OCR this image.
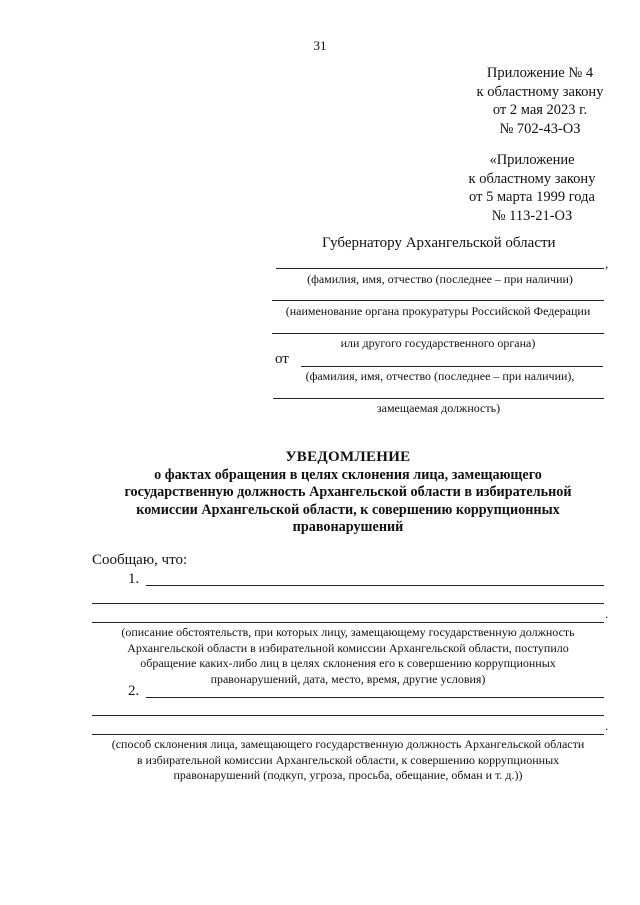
31
Приложение № 4
к областному закону
от 2 мая 2023 г.
№ 702-43-ОЗ
«Приложение
к областному закону
от 5 марта 1999 года
№ 113-21-ОЗ
Губернатору Архангельской области
,
(фамилия, имя, отчество (последнее – при наличии)
(наименование органа прокуратуры Российской Федерации
или другого государственного органа)
от
(фамилия, имя, отчество (последнее – при наличии),
замещаемая должность)
УВЕДОМЛЕНИЕ
о фактах обращения в целях склонения лица, замещающего
государственную должность Архангельской области в избирательной
комиссии Архангельской области, к совершению коррупционных
правонарушений
Сообщаю, что:
1.
.
(описание обстоятельств, при которых лицу, замещающему государственную должность
Архангельской области в избирательной комиссии Архангельской области, поступило
обращение каких-либо лиц в целях склонения его к совершению коррупционных
правонарушений, дата, место, время, другие условия)
2.
.
(способ склонения лица, замещающего государственную должность Архангельской области
в избирательной комиссии Архангельской области, к совершению коррупционных
правонарушений (подкуп, угроза, просьба, обещание, обман и т. д.))
